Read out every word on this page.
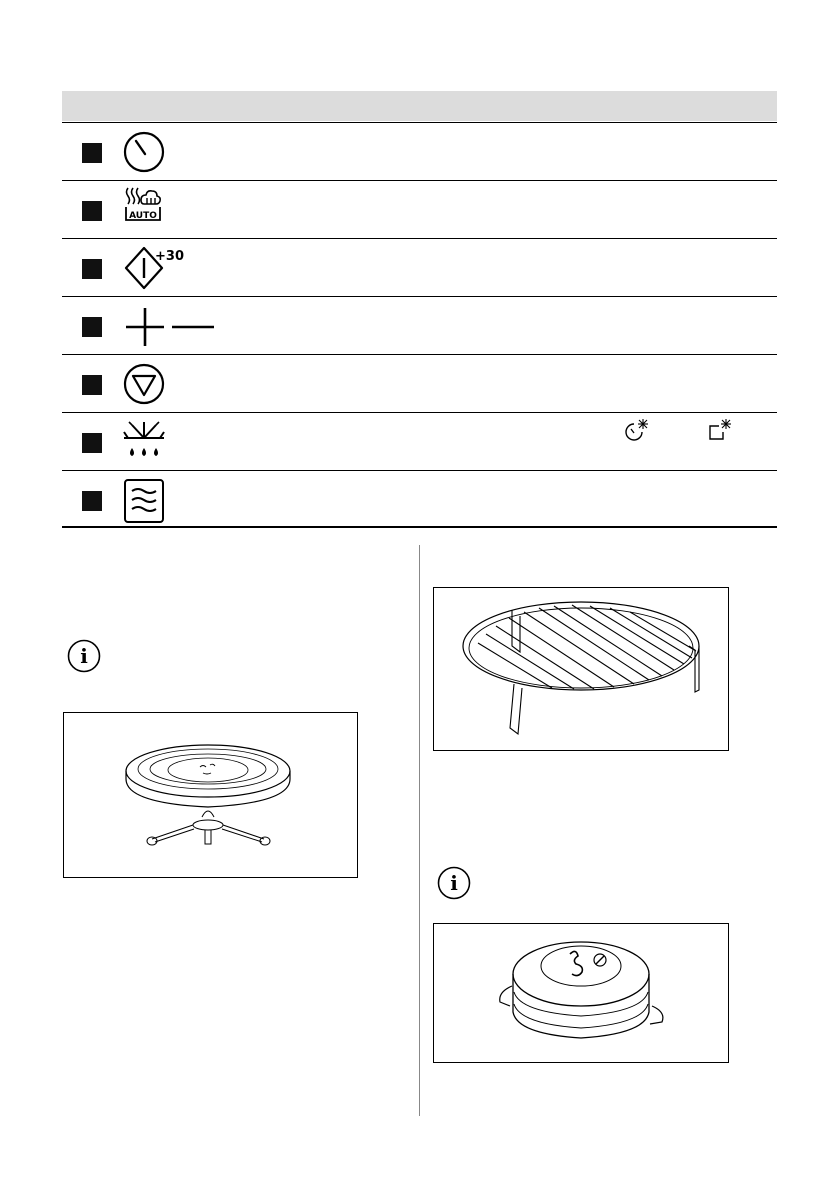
AUTO
+30
i
i
